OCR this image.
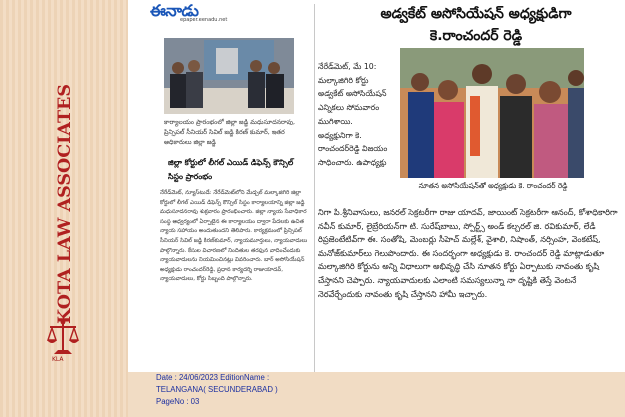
KOTA LAW ASSOCIATES
KLA
ఈనాడు
epaper.eenadu.net
కార్యాలయం ప్రారంభంలో జిల్లా జడ్జి మధుసూదనరావు, ప్రిన్సిపల్ సీనియర్ సివిల్ జడ్జి కిరణ్ కుమార్, ఇతర అధికారులు జిల్లా జడ్జి
జిల్లా కోర్టులో లీగల్ ఎయిడ్ డిఫెన్స్ కౌన్సిల్ సిస్టం ప్రారంభం
నేరేడ్‌మెట్, న్యూస్‌టుడే: నేరేడ్‌మెట్‌లోని మేడ్చల్ మల్కాజిగిరి జిల్లా కోర్టులో లీగల్ ఎయిడ్ డిఫెన్స్ కౌన్సిల్ సిస్టం కార్యాలయాన్ని జిల్లా జడ్జి మధుసూదనరావు శుక్రవారం ప్రారంభించారు. జిల్లా న్యాయ సేవాధికార సంస్థ ఆధ్వర్యంలో ఏర్పాటైన ఈ కార్యాలయం ద్వారా పేదలకు ఉచిత న్యాయ సహాయం అందుతుందని తెలిపారు. కార్యక్రమంలో ప్రిన్సిపల్ సీనియర్ సివిల్ జడ్జి కిరణ్‌కుమార్, న్యాయమూర్తులు, న్యాయవాదులు పాల్గొన్నారు. కేసుల విచారణలో నిందితుల తరఫున వాదించేందుకు న్యాయవాదులను నియమించినట్లు వివరించారు. బార్ అసోసియేషన్ అధ్యక్షుడు రాంచందర్‌రెడ్డి, ప్రధాన కార్యదర్శి రాజుయాదవ్, న్యాయవాదులు, కోర్టు సిబ్బంది పాల్గొన్నారు.
అడ్వకేట్ అసోసియేషన్ అధ్యక్షుడిగా కె.రాంచందర్ రెడ్డి
నేరేడ్‌మెట్, మే 10: మల్కాజిగిరి కోర్టు అడ్వకేట్ అసోసియేషన్ ఎన్నికలు సోమవారం ముగిశాయి. అధ్యక్షునిగా కె. రాంచందర్‌రెడ్డి విజయం సాధించారు. ఉపాధ్యక్షు
నూతన అసోసియేషన్‌తో అధ్యక్షుడు కె. రాంచందర్ రెడ్డి
నిగా పి.శ్రీనివాసులు, జనరల్ సెక్రటరీగా రాజు యాదవ్, జాయింట్ సెక్రటరీగా ఆనంద్, కోశాధికారిగా నవీన్ కుమార్, లైబ్రేరియన్‌గా టి. సురేష్‌బాబు, స్పోర్ట్స్ అండ్ కల్చరల్ జి. రవికుమార్, లేడీ రిప్రజెంటేటివ్‌గా ఈ. సంతోషి, మెంబర్లు సీహెచ్ మల్లేశ్, వైశాలి, నిషాంత్, నర్సింహ, వెంకటేష్, మనోజ్‌కుమార్‌లు గెలుపొందారు. ఈ సందర్భంగా అధ్యక్షుడు కె. రాంచందర్ రెడ్డి మాట్లాడుతూ మల్కాజిగిరి కోర్టును అన్ని విధాలుగా అభివృద్ధి చేసి నూతన కోర్టు ఏర్పాటుకు నావంతు కృషి చేస్తానని చెప్పారు. న్యాయవాదులకు ఎలాంటి సమస్యలున్నా నా దృష్టికి తెస్తే వెంటనే నెరవేర్చేందుకు నావంతు కృషి చేస్తానని హామీ ఇచ్చారు.
Date : 24/06/2023 EditionName :
TELANGANA( SECUNDERABAD )
PageNo : 03
